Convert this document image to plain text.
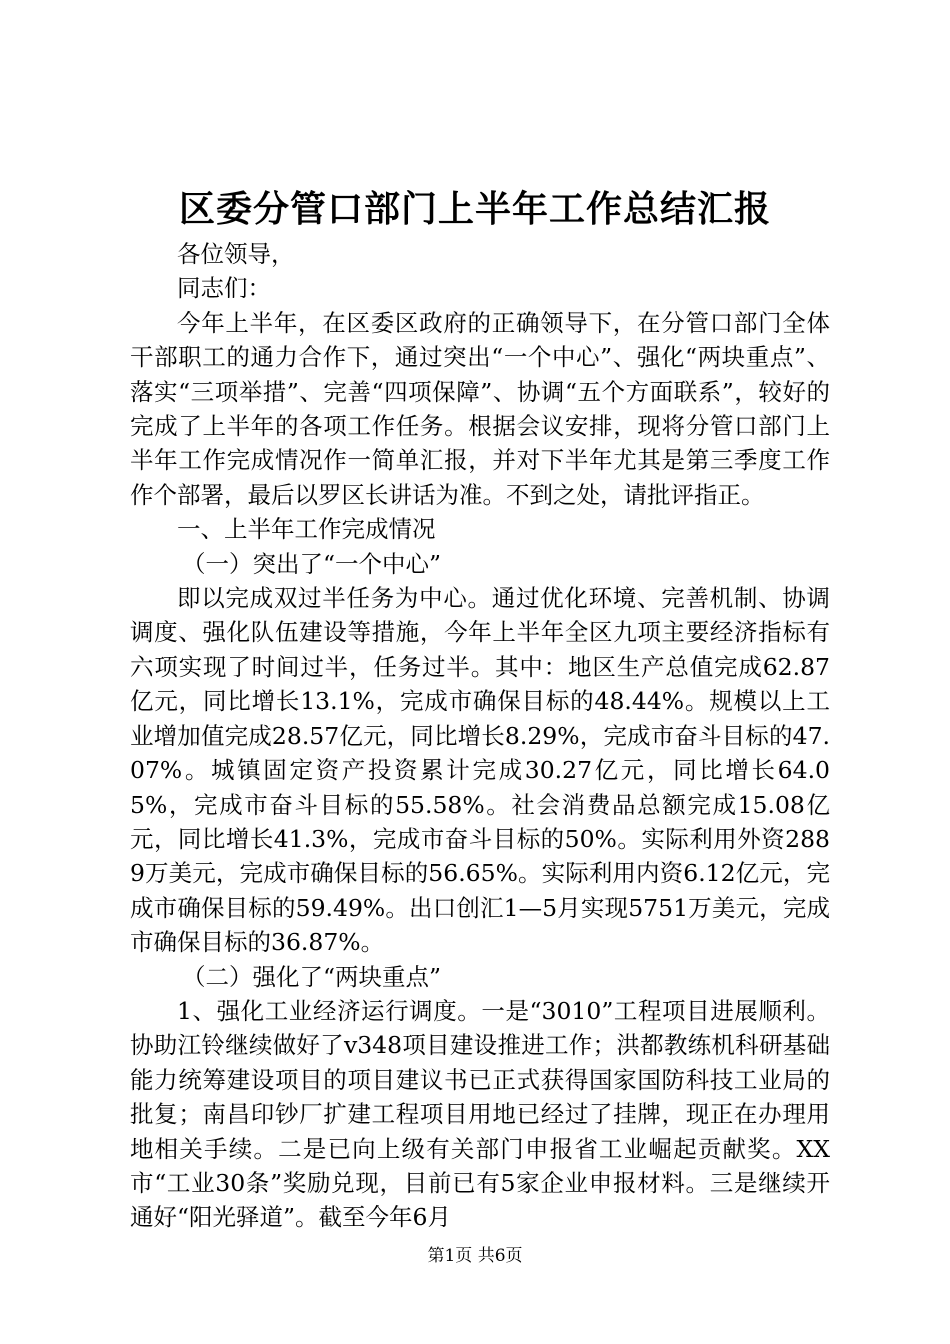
区委分管口部门上半年工作总结汇报

各位领导，

同志们：

今年上半年，在区委区政府的正确领导下，在分管口部门全体干部职工的通力合作下，通过突出“一个中心”、强化“两块重点”、落实“三项举措”、完善“四项保障”、协调“五个方面联系”，较好的完成了上半年的各项工作任务。根据会议安排，现将分管口部门上半年工作完成情况作一简单汇报，并对下半年尤其是第三季度工作作个部署，最后以罗区长讲话为准。不到之处，请批评指正。

一、上半年工作完成情况

（一）突出了“一个中心”

即以完成双过半任务为中心。通过优化环境、完善机制、协调调度、强化队伍建设等措施，今年上半年全区九项主要经济指标有六项实现了时间过半，任务过半。其中：地区生产总值完成62.87亿元，同比增长13.1%，完成市确保目标的48.44%。规模以上工业增加值完成28.57亿元，同比增长8.29%，完成市奋斗目标的47.07%。城镇固定资产投资累计完成30.27亿元，同比增长64.05%，完成市奋斗目标的55.58%。社会消费品总额完成15.08亿元，同比增长41.3%，完成市奋斗目标的50%。实际利用外资2889万美元，完成市确保目标的56.65%。实际利用内资6.12亿元，完成市确保目标的59.49%。出口创汇1—5月实现5751万美元，完成市确保目标的36.87%。

（二）强化了“两块重点”

1、强化工业经济运行调度。一是“3010”工程项目进展顺利。协助江铃继续做好了v348项目建设推进工作；洪都教练机科研基础能力统筹建设项目的项目建议书已正式获得国家国防科技工业局的批复；南昌印钞厂扩建工程项目用地已经过了挂牌，现正在办理用地相关手续。二是已向上级有关部门申报省工业崛起贡献奖。XX市“工业30条”奖励兑现，目前已有5家企业申报材料。三是继续开通好“阳光驿道”。截至今年6月

第1页 共6页
